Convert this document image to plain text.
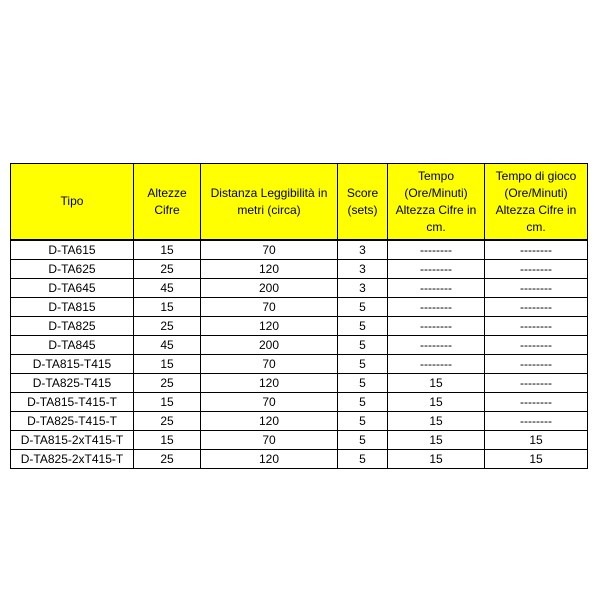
Tipo	Altezze Cifre	Distanza Leggibilità in metri (circa)	Score (sets)	Tempo (Ore/Minuti) Altezza Cifre in cm.	Tempo di gioco (Ore/Minuti) Altezza Cifre in cm.
D-TA615	15	70	3	--------	--------
D-TA625	25	120	3	--------	--------
D-TA645	45	200	3	--------	--------
D-TA815	15	70	5	--------	--------
D-TA825	25	120	5	--------	--------
D-TA845	45	200	5	--------	--------
D-TA815-T415	15	70	5	--------	--------
D-TA825-T415	25	120	5	15	--------
D-TA815-T415-T	15	70	5	15	--------
D-TA825-T415-T	25	120	5	15	--------
D-TA815-2xT415-T	15	70	5	15	15
D-TA825-2xT415-T	25	120	5	15	15
